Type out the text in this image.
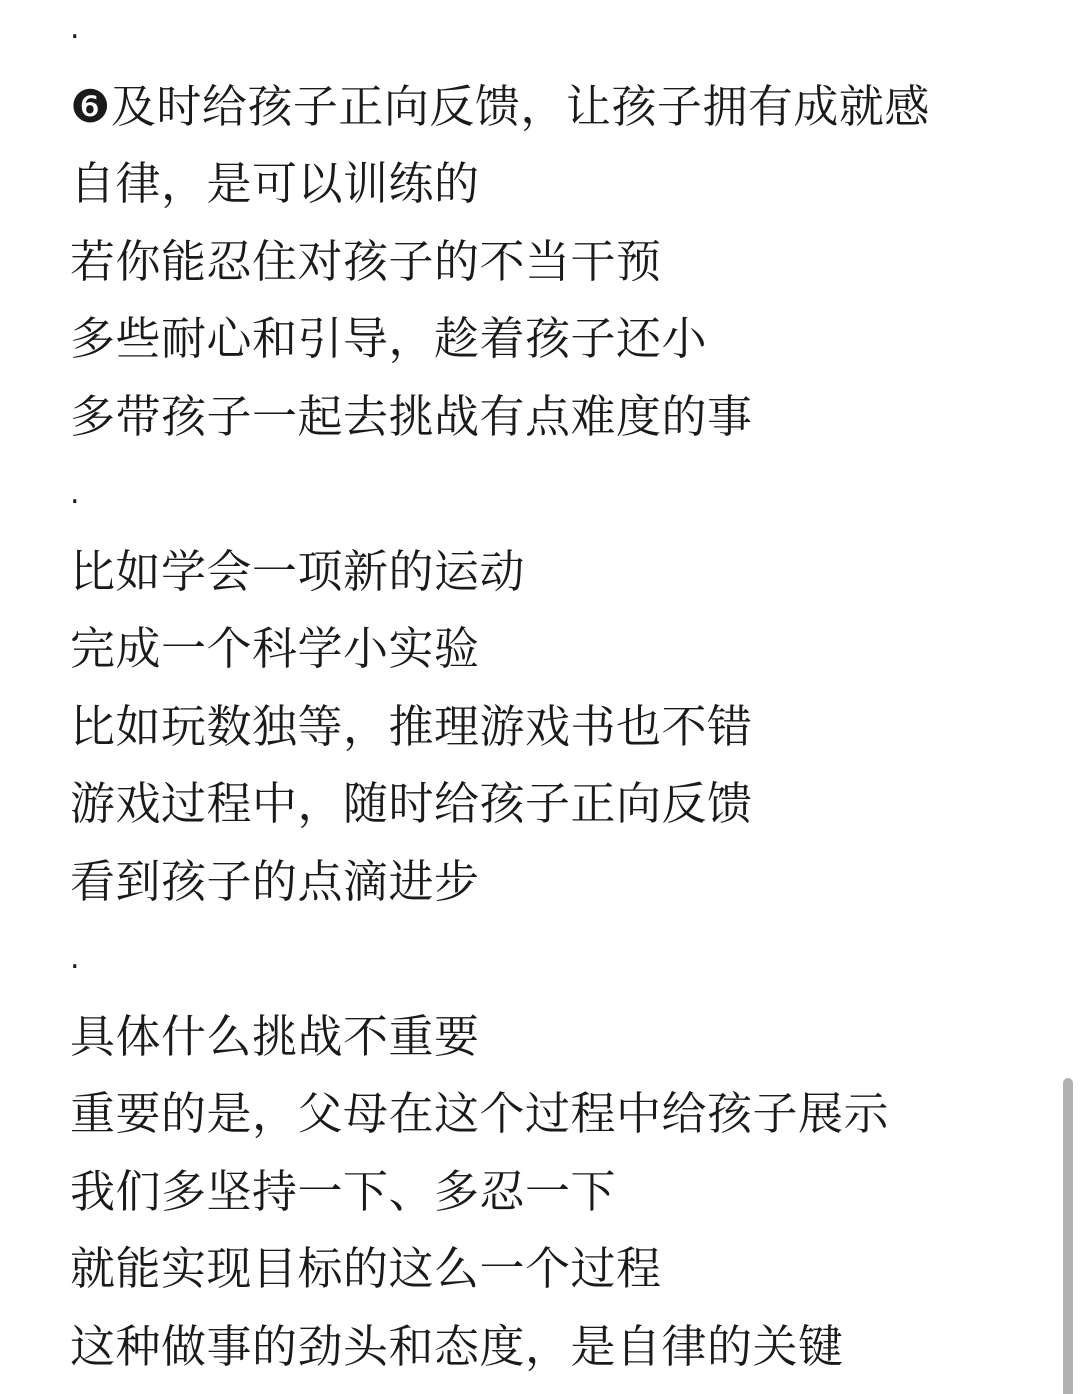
.
❻及时给孩子正向反馈，让孩子拥有成就感
自律，是可以训练的
若你能忍住对孩子的不当干预
多些耐心和引导，趁着孩子还小
多带孩子一起去挑战有点难度的事
.
比如学会一项新的运动
完成一个科学小实验
比如玩数独等，推理游戏书也不错
游戏过程中，随时给孩子正向反馈
看到孩子的点滴进步
.
具体什么挑战不重要
重要的是，父母在这个过程中给孩子展示
我们多坚持一下、多忍一下
就能实现目标的这么一个过程
这种做事的劲头和态度，是自律的关键
